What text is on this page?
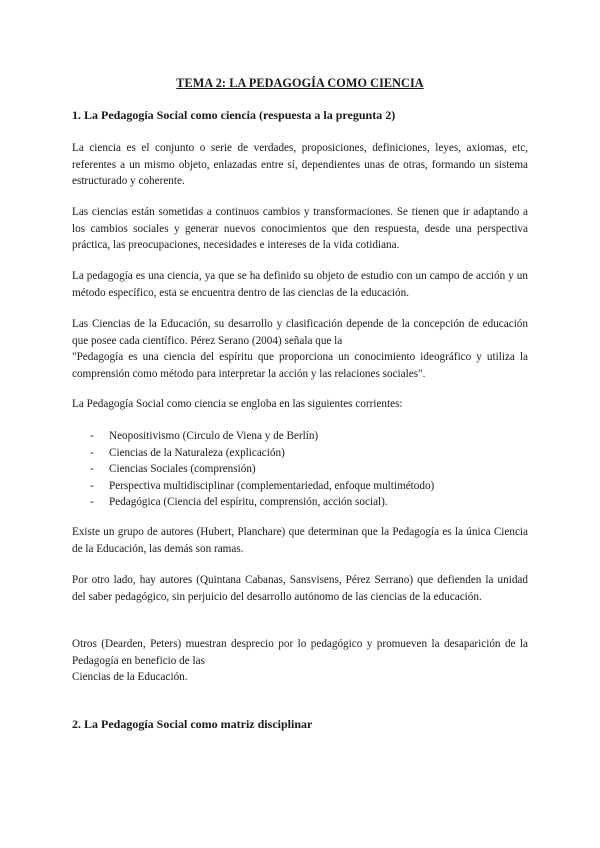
TEMA 2: LA PEDAGOGÍA COMO CIENCIA
1. La Pedagogía Social como ciencia (respuesta a la pregunta 2)
La ciencia es el conjunto o serie de verdades, proposiciones, definiciones, leyes, axiomas, etc, referentes a un mismo objeto, enlazadas entre sí, dependientes unas de otras, formando un sistema estructurado y coherente.
Las ciencias están sometidas a continuos cambios y transformaciones. Se tienen que ir adaptando a los cambios sociales y generar nuevos conocimientos que den respuesta, desde una perspectiva práctica, las preocupaciones, necesidades e intereses de la vida cotidiana.
La pedagogía es una ciencia, ya que se ha definido su objeto de estudio con un campo de acción y un método específico, esta se encuentra dentro de las ciencias de la educación.
Las Ciencias de la Educación, su desarrollo y clasificación depende de la concepción de educación que posee cada científico. Pérez Serano (2004) señala que la
"Pedagogía es una ciencia del espíritu que proporciona un conocimiento ideográfico y utiliza la comprensión como método para interpretar la acción y las relaciones sociales".
La Pedagogía Social como ciencia se engloba en las siguientes corrientes:
- Neopositivismo (Circulo de Viena y de Berlín)
- Ciencias de la Naturaleza (explicación)
- Ciencias Sociales (comprensión)
- Perspectiva multidisciplinar (complementariedad, enfoque multimétodo)
- Pedagógica (Ciencia del espíritu, comprensión, acción social).
Existe un grupo de autores (Hubert, Planchare) que determinan que la Pedagogía es la única Ciencia de la Educación, las demás son ramas.
Por otro lado, hay autores (Quintana Cabanas, Sansvisens, Pérez Serrano) que defienden la unidad del saber pedagógico, sin perjuicio del desarrollo autónomo de las ciencias de la educación.
Otros (Dearden, Peters) muestran desprecio por lo pedagógico y promueven la desaparición de la Pedagogía en beneficio de las
Ciencias de la Educación.
2. La Pedagogía Social como matriz disciplinar
